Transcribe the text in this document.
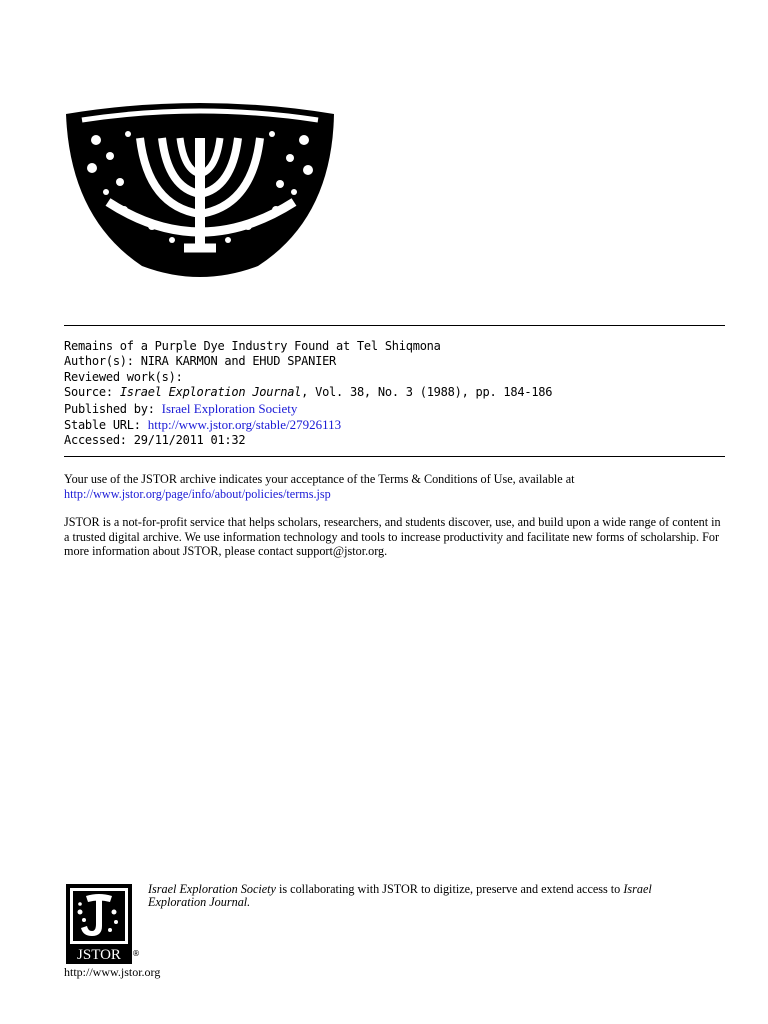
Remains of a Purple Dye Industry Found at Tel Shiqmona
Author(s): NIRA KARMON and EHUD SPANIER
Reviewed work(s):
Source: Israel Exploration Journal, Vol. 38, No. 3 (1988), pp. 184-186
Published by: Israel Exploration Society
Stable URL: http://www.jstor.org/stable/27926113
Accessed: 29/11/2011 01:32

Your use of the JSTOR archive indicates your acceptance of the Terms & Conditions of Use, available at
http://www.jstor.org/page/info/about/policies/terms.jsp

JSTOR is a not-for-profit service that helps scholars, researchers, and students discover, use, and build upon a wide range of content in a trusted digital archive. We use information technology and tools to increase productivity and facilitate new forms of scholarship. For more information about JSTOR, please contact support@jstor.org.

JSTOR ®
Israel Exploration Society is collaborating with JSTOR to digitize, preserve and extend access to Israel Exploration Journal.
http://www.jstor.org
